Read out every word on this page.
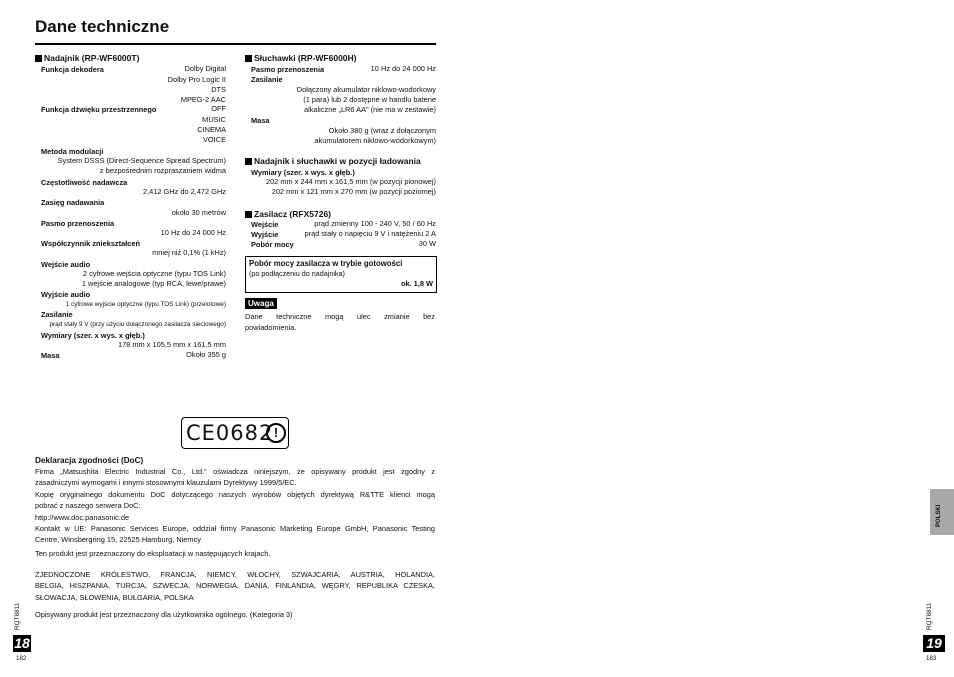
Dane techniczne
Nadajnik (RP-WF6000T)
Funkcja dekodera	Dolby Digital
Dolby Pro Logic II
DTS
MPEG-2 AAC
Funkcja dźwięku przestrzennego	OFF
MUSIC
CINEMA
VOICE
Metoda modulacji
System DSSS (Direct-Sequence Spread Spectrum)
z bezpośrednim rozpraszaniem widma
Częstotliwość nadawcza
2,412 GHz do 2,472 GHz
Zasięg nadawania
około 30 metrów
Pasmo przenoszenia
10 Hz do 24 000 Hz
Współczynnik zniekształceń
mniej niż 0,1% (1 kHz)
Wejście audio
2 cyfrowe wejścia optyczne (typu TOS Link)
1 wejście analogowe (typ RCA, lewe/prawe)
Wyjście audio
1 cyfrowe wyjście optyczne (typu TOS Link) (przelotowe)
Zasilanie
prąd stały 9 V (przy użyciu dołączonego zasilacza sieciowego)
Wymiary (szer. x wys. x głęb.)
178 mm x 105,5 mm x 161,5 mm
Masa	Około 355 g
Słuchawki (RP-WF6000H)
Pasmo przenoszenia	10 Hz do 24 000 Hz
Zasilanie
Dołączony akumulator niklowo-wodorkowy
(1 para) lub 2 dostępne w handlu baterie
alkaliczne „LR6 AA" (nie ma w zestawie)
Masa
Około 380 g (wraz z dołączonym
akumulatorem niklowo-wodorkowym)
Nadajnik i słuchawki w pozycji ładowania
Wymiary (szer. x wys. x głęb.)
202 mm x 244 mm x 161,5 mm (w pozycji pionowej)
202 mm x 121 mm x 270 mm (w pozycji poziomej)
Zasilacz (RFX5726)
Wejście	prąd zmienny 100 - 240 V, 50 / 60 Hz
Wyjście	prąd stały o napięciu 9 V i natężeniu 2 A
Pobór mocy	30 W
Pobór mocy zasilacza w trybie gotowości
(po podłączeniu do nadajnika)
ok. 1,8 W
Uwaga
Dane techniczne mogą ulec zmianie bez
powiadomienia.
CE0682 !
Deklaracja zgodności (DoC)
Firma „Matsushita Electric Industrial Co., Ltd." oświadcza niniejszym, że opisywany produkt jest zgodny z
zasadniczymi wymogami i innymi stosownymi klauzulami Dyrektywy 1999/5/EC.
Kopię oryginalnego dokumentu DoC dotyczącego naszych wyrobów objętych dyrektywą R&TTE klienci mogą
pobrać z naszego serwera DoC:
http://www.doc.panasonic.de
Kontakt w UE: Panasonic Services Europe, oddział firmy Panasonic Marketing Europe GmbH, Panasonic Testing
Centre, Winsbergring 15, 22525 Hamburg, Niemcy
Ten produkt jest przeznaczony do eksploatacji w następujących krajach.
ZJEDNOCZONE KRÓLESTWO, FRANCJA, NIEMCY, WŁOCHY, SZWAJCARIA, AUSTRIA, HOLANDIA,
BELGIA, HISZPANIA, TURCJA, SZWECJA, NORWEGIA, DANIA, FINLANDIA, WĘGRY, REPUBLIKA CZESKA,
SŁOWACJA, SŁOWENIA, BUŁGARIA, POLSKA
Opisywany produkt jest przeznaczony dla użytkownika ogólnego. (Kategoria 3)
RQT8811
18
182
POLSKI
RQT8811
19
183
